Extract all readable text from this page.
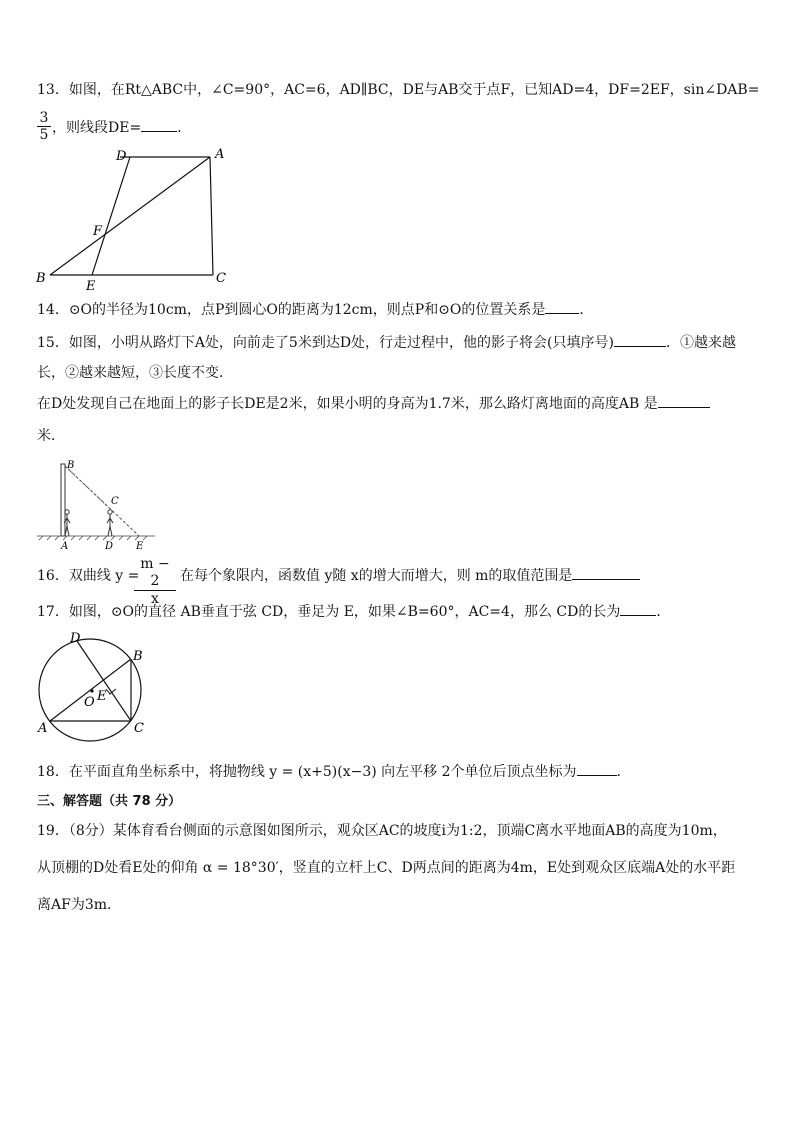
13．如图，在Rt△ABC中，∠C=90°，AC=6，AD∥BC，DE与AB交于点F，已知AD=4，DF=2EF，sin∠DAB=
$\frac{3}{5}$ ，则线段DE=	．
D	A
F
B
E
C
14．⊙O的半径为10cm，点P到圆心O的距离为12cm，则点P和⊙O的位置关系是 ．
15．如图，小明从路灯下A处，向前走了5米到达D处，行走过程中，他的影子将会(只填序号)	．①越来越
长，②越来越短，③长度不变．
在D处发现自己在地面上的影子长DE是2米，如果小明的身高为1.7米，那么路灯离地面的高度AB 是
米．
B
C
A	D E
16．双曲线 y =
$\frac{m - 2}{x}$ 在每个象限内，函数值 y随 x的增大而增大，则 m的取值范围是
17．如图，⊙O的直径 AB垂直于弦 CD，垂足为 E，如果∠B=60°，AC=4，那么 CD的长为	．
D
B
E
O
A	C
18．在平面直角坐标系中，将抛物线 y = (x+5)(x−3) 向左平移 2个单位后顶点坐标为	．
三、解答题（共 78 分）
19．（8分）某体育看台侧面的示意图如图所示，观众区AC的坡度i为1:2，顶端C离水平地面AB的高度为10m，
从顶棚的D处看E处的仰角 α = 18°30′，竖直的立杆上C、D两点间的距离为4m，E处到观众区底端A处的水平距
离AF为3m．
